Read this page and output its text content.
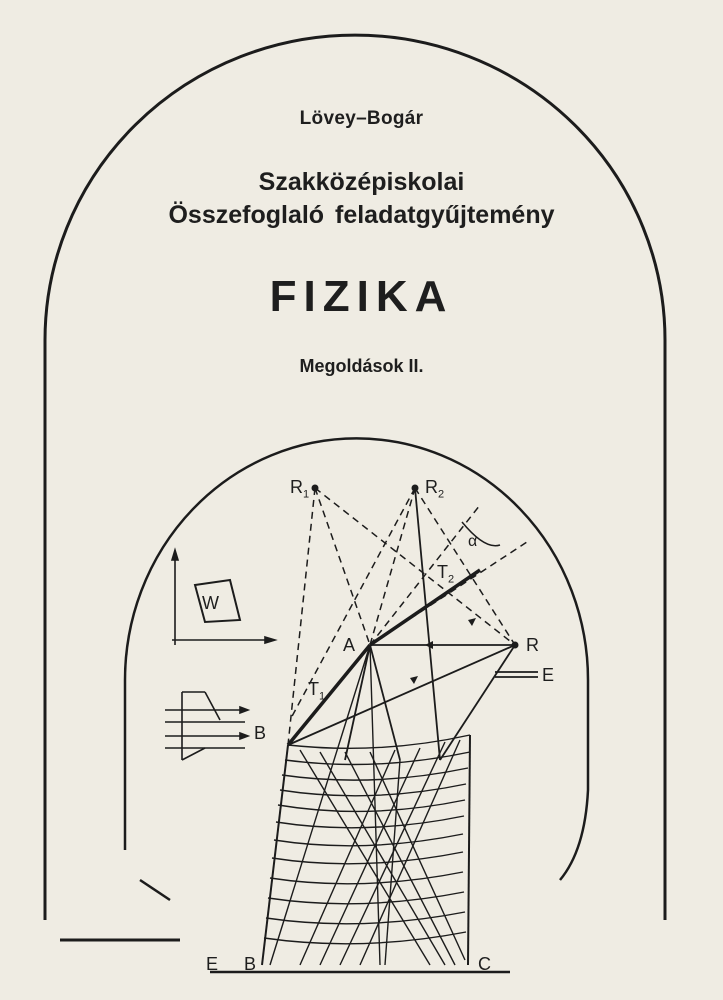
Lövey–Bogár
Szakközépiskolai
Összefoglaló feladatgyűjtemény
FIZIKA
Megoldások II.
$R_1$	$R_2$
α
$T_2$
A	R
E
$T_1$
W
B
E B	C
